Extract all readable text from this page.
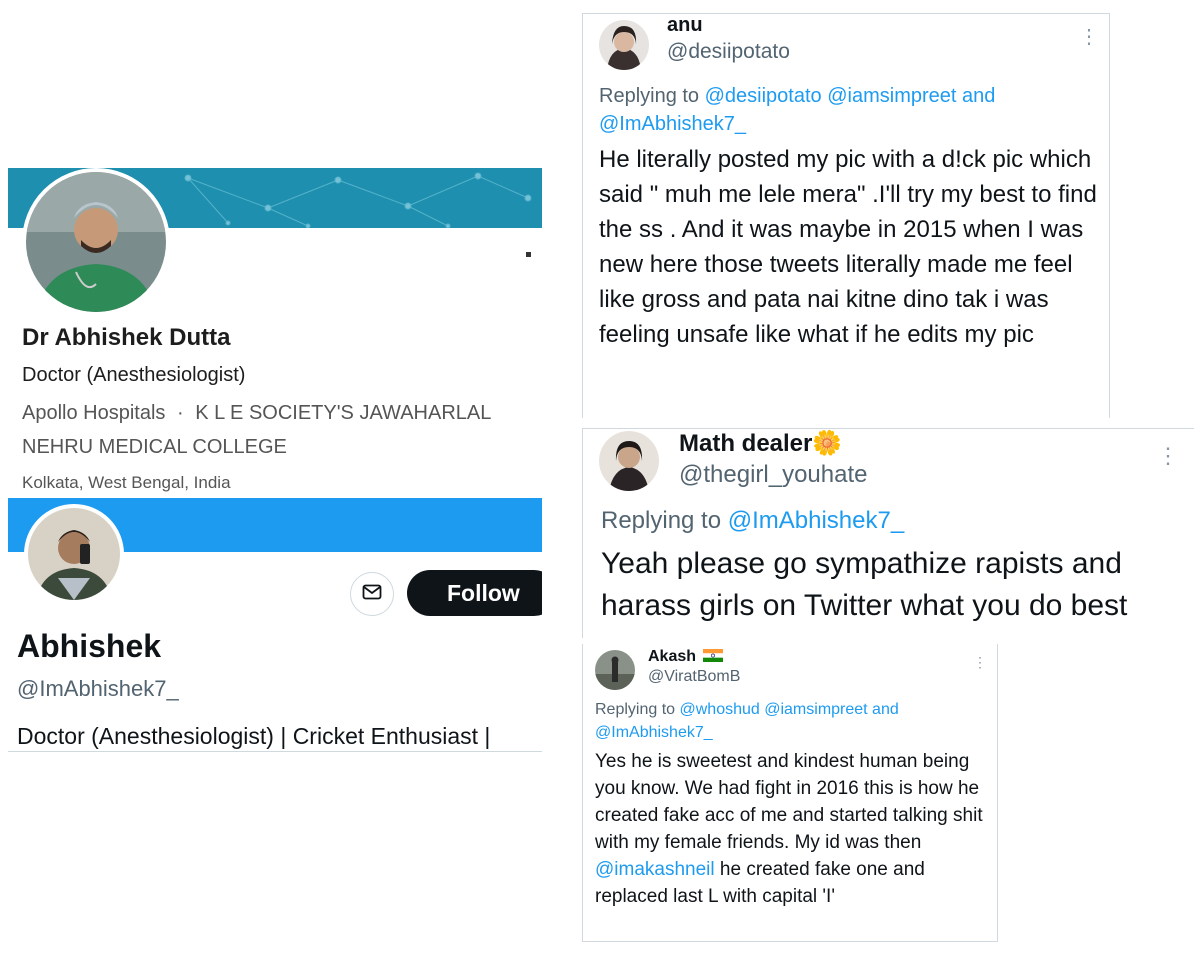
Dr Abhishek Dutta
Doctor (Anesthesiologist)
Apollo Hospitals · K L E SOCIETY'S JAWAHARLAL NEHRU MEDICAL COLLEGE
Kolkata, West Bengal, India
Follow
Abhishek
@ImAbhishek7_
Doctor (Anesthesiologist) | Cricket Enthusiast |
anu
@desiipotato
⋮
Replying to @desiipotato @iamsimpreet and @ImAbhishek7_
He literally posted my pic with a d!ck pic which said " muh me lele mera" .I'll try my best to find the ss . And it was maybe in 2015 when I was new here those tweets literally made me feel like gross and pata nai kitne dino tak i was feeling unsafe like what if he edits my pic
Math dealer🌼
@thegirl_youhate
⋮
Replying to @ImAbhishek7_
Yeah please go sympathize rapists and harass girls on Twitter what you do best
Akash
@ViratBomB
⋮
Replying to @whoshud @iamsimpreet and @ImAbhishek7_
Yes he is sweetest and kindest human being you know. We had fight in 2016 this is how he created fake acc of me and started talking shit with my female friends. My id was then @imakashneil he created fake one and replaced last L with capital 'I'
